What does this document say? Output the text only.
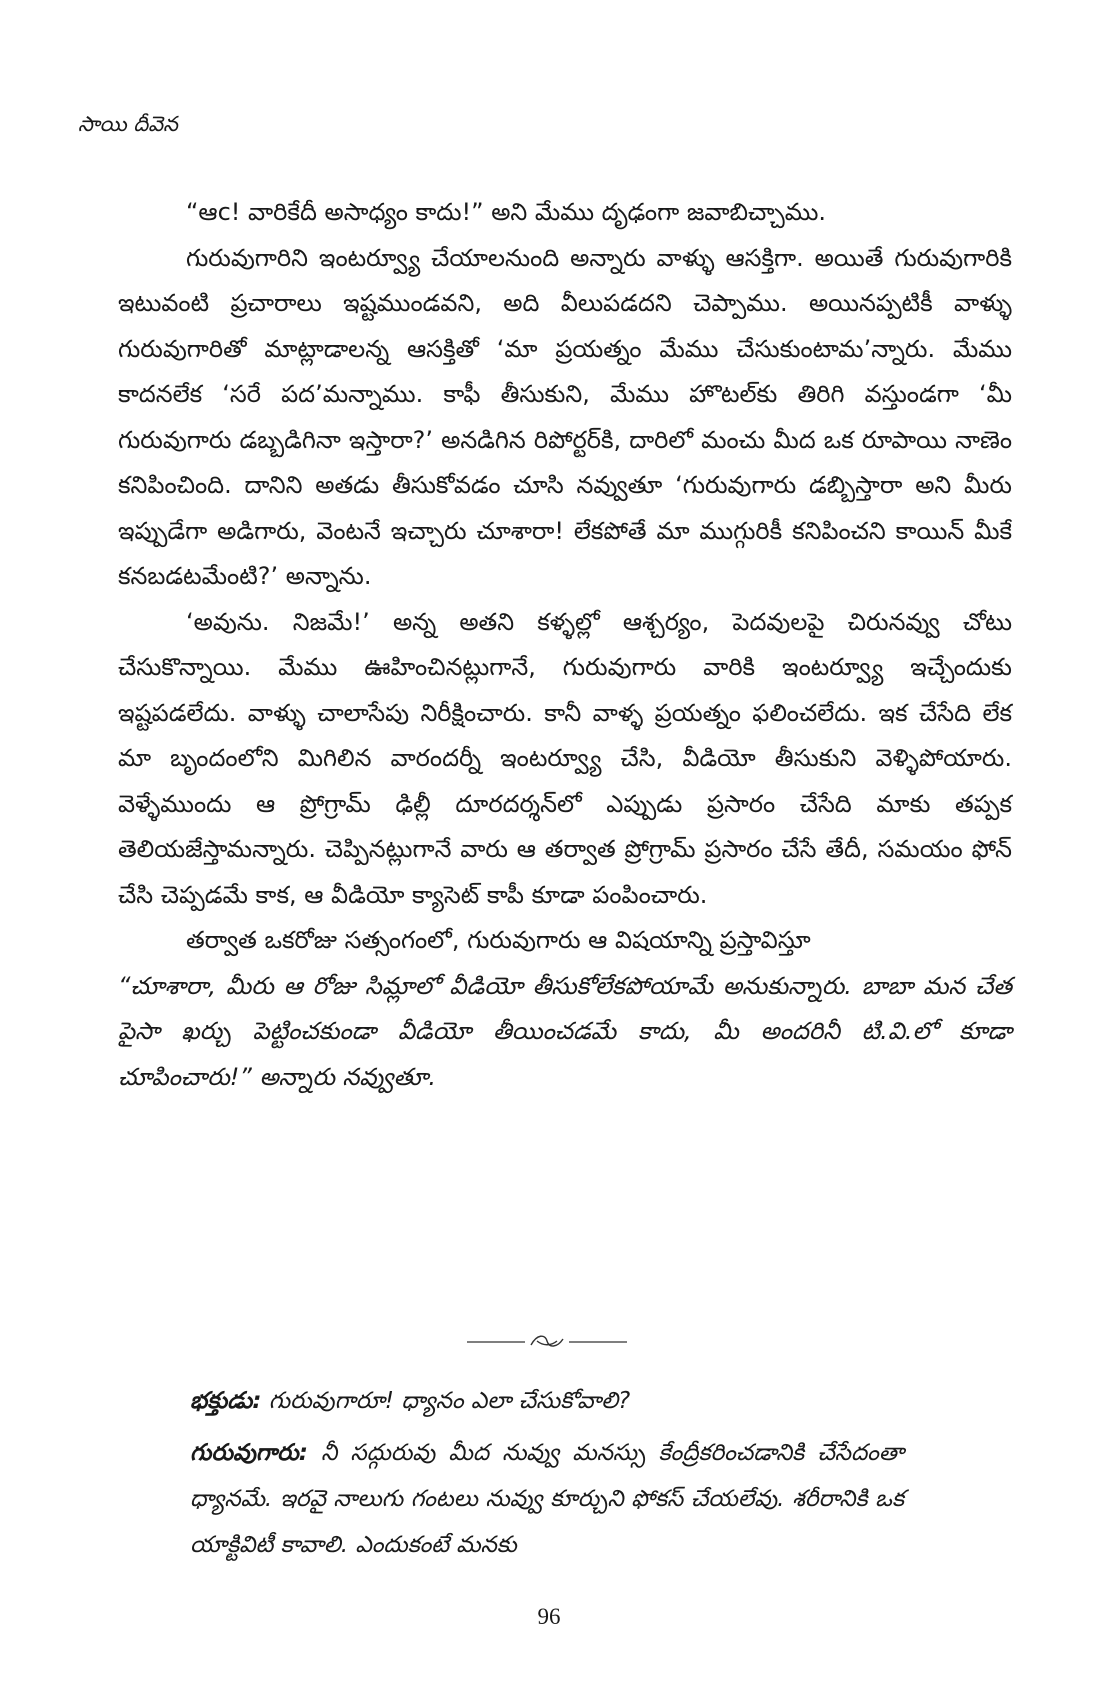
సాయి దీవెన

“ఆc! వారికేదీ అసాధ్యం కాదు!” అని మేము దృఢంగా జవాబిచ్చాము.

గురువుగారిని ఇంటర్వ్యూ చేయాలనుంది అన్నారు వాళ్ళు ఆసక్తిగా. అయితే గురువుగారికి ఇటువంటి ప్రచారాలు ఇష్టముండవని, అది వీలుపడదని చెప్పాము. అయినప్పటికీ వాళ్ళు గురువుగారితో మాట్లాడాలన్న ఆసక్తితో ‘మా ప్రయత్నం మేము చేసుకుంటామ’న్నారు. మేము కాదనలేక ‘సరే పద’మన్నాము. కాఫీ తీసుకుని, మేము హొటల్‌కు తిరిగి వస్తుండగా ‘మీ గురువుగారు డబ్బడిగినా ఇస్తారా?’ అనడిగిన రిపోర్టర్‌కి, దారిలో మంచు మీద ఒక రూపాయి నాణెం కనిపించింది. దానిని అతడు తీసుకోవడం చూసి నవ్వుతూ ‘గురువుగారు డబ్బిస్తారా అని మీరు ఇప్పుడేగా అడిగారు, వెంటనే ఇచ్చారు చూశారా! లేకపోతే మా ముగ్గురికీ కనిపించని కాయిన్ మీకే కనబడటమేంటి?’ అన్నాను.

‘అవును. నిజమే!’ అన్న అతని కళ్ళల్లో ఆశ్చర్యం, పెదవులపై చిరునవ్వు చోటు చేసుకొన్నాయి. మేము ఊహించినట్లుగానే, గురువుగారు వారికి ఇంటర్వ్యూ ఇచ్చేందుకు ఇష్టపడలేదు. వాళ్ళు చాలాసేపు నిరీక్షించారు. కానీ వాళ్ళ ప్రయత్నం ఫలించలేదు. ఇక చేసేది లేక మా బృందంలోని మిగిలిన వారందర్నీ ఇంటర్వ్యూ చేసి, వీడియో తీసుకుని వెళ్ళిపోయారు. వెళ్ళేముందు ఆ ప్రోగ్రామ్ ఢిల్లీ దూరదర్శన్‌లో ఎప్పుడు ప్రసారం చేసేది మాకు తప్పక తెలియజేస్తామన్నారు. చెప్పినట్లుగానే వారు ఆ తర్వాత ప్రోగ్రామ్ ప్రసారం చేసే తేదీ, సమయం ఫోన్ చేసి చెప్పడమే కాక, ఆ వీడియో క్యాసెట్ కాపీ కూడా పంపించారు.

తర్వాత ఒకరోజు సత్సంగంలో, గురువుగారు ఆ విషయాన్ని ప్రస్తావిస్తూ

“చూశారా, మీరు ఆ రోజు సిమ్లాలో వీడియో తీసుకోలేకపోయామే అనుకున్నారు. బాబా మన చేత పైసా ఖర్చు పెట్టించకుండా వీడియో తీయించడమే కాదు, మీ అందరినీ టి.వి.లో కూడా చూపించారు!” అన్నారు నవ్వుతూ.

భక్తుడు: గురువుగారూ! ధ్యానం ఎలా చేసుకోవాలి?

గురువుగారు: నీ సద్గురువు మీద నువ్వు మనస్సు కేంద్రీకరించడానికి చేసేదంతా ధ్యానమే. ఇరవై నాలుగు గంటలు నువ్వు కూర్చుని ఫోకస్ చేయలేవు. శరీరానికి ఒక యాక్టివిటీ కావాలి. ఎందుకంటే మనకు

96
